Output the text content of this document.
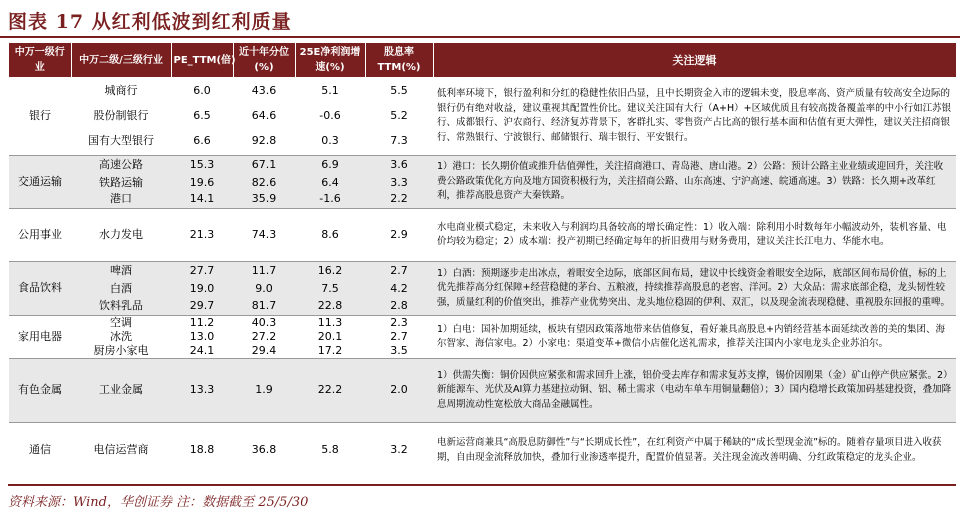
图表 17 从红利低波到红利质量
中万一级行业	中万二级/三级行业	PE_TTM(倍)	近十年分位(%)	25E净利润增速(%)	股息率TTM(%)	关注逻辑
银行	城商行	6.0	43.6	5.1	5.5	低利率环境下，银行盈利和分红的稳健性依旧凸显，且中长期资金入市的逻辑未变，股息率高、资产质量有较高安全边际的银行仍有绝对收益，建议重视其配置性价比。建议关注国有大行（A+H）+区域优质且有较高拨备覆盖率的中小行如江苏银行、成都银行、沪农商行、经济复苏背景下，客群扎实、零售资产占比高的银行基本面和估值有更大弹性，建议关注招商银行、常熟银行、宁波银行、邮储银行、瑞丰银行、平安银行。
	股份制银行	6.5	64.6	-0.6	5.2	
	国有大型银行	6.6	92.8	0.3	7.3	
交通运输	高速公路	15.3	67.1	6.9	3.6	1）港口：长久期价值或推升估值弹性，关注招商港口、青岛港、唐山港。2）公路：预计公路主业业绩或迎回升，关注收费公路政策优化方向及地方国资积极行为，关注招商公路、山东高速、宁沪高速、皖通高速。3）铁路：长久期+改革红利，推荐高股息资产大秦铁路。
	铁路运输	19.6	82.6	6.4	3.3	
	港口	14.1	35.9	-1.6	2.2	
公用事业	水力发电	21.3	74.3	8.6	2.9	水电商业模式稳定，未来收入与利润均具备较高的增长确定性：1）收入端：除利用小时数每年小幅波动外，装机容量、电价均较为稳定；2）成本端：投产初期已经确定每年的折旧费用与财务费用，建议关注长江电力、华能水电。
食品饮料	啤酒	27.7	11.7	16.2	2.7	1）白酒：预期逐步走出冰点，着眼安全边际，底部区间布局，建议中长线资金着眼安全边际，底部区间布局价值，标的上优先推荐高分红保障+经营稳健的茅台、五粮液，持续推荐高股息的老窖、洋河。2）大众品：需求底部企稳，龙头韧性较强，质量红利的价值突出，推荐产业优势突出、龙头地位稳固的伊利、双汇，以及现金流表现稳健、重视股东回报的重啤。
	白酒	19.0	9.0	7.5	4.2	
	饮料乳品	29.7	81.7	22.8	2.8	
家用电器	空调	11.2	40.3	11.3	2.3	1）白电：国补加期延续，板块有望因政策落地带来估值修复，看好兼具高股息+内销经营基本面延续改善的美的集团、海尔智家、海信家电。2）小家电：渠道变革+微信小店催化送礼需求，推荐关注国内小家电龙头企业苏泊尔。
	冰洗	13.0	27.2	20.1	2.7	
	厨房小家电	24.1	29.4	17.2	3.5	
有色金属	工业金属	13.3	1.9	22.2	2.0	1）供需失衡：铜价因供应紧张和需求回升上涨，铝价受去库存和需求复苏支撑，锡价因刚果（金）矿山停产供应紧张。2）新能源车、光伏及AI算力基建拉动铜、铝、稀土需求（电动车单车用铜量翻倍）；3）国内稳增长政策加码基建投资，叠加降息周期流动性宽松放大商品金融属性。
通信	电信运营商	18.8	36.8	5.8	3.2	电新运营商兼具“高股息防御性”与“长期成长性”，在红利资产中属于稀缺的“成长型现金流”标的。随着存量项目进入收获期，自由现金流释放加快，叠加行业渗透率提升，配置价值显著。关注现金流改善明确、分红政策稳定的龙头企业。
资料来源：Wind，华创证券 注：数据截至 25/5/30
